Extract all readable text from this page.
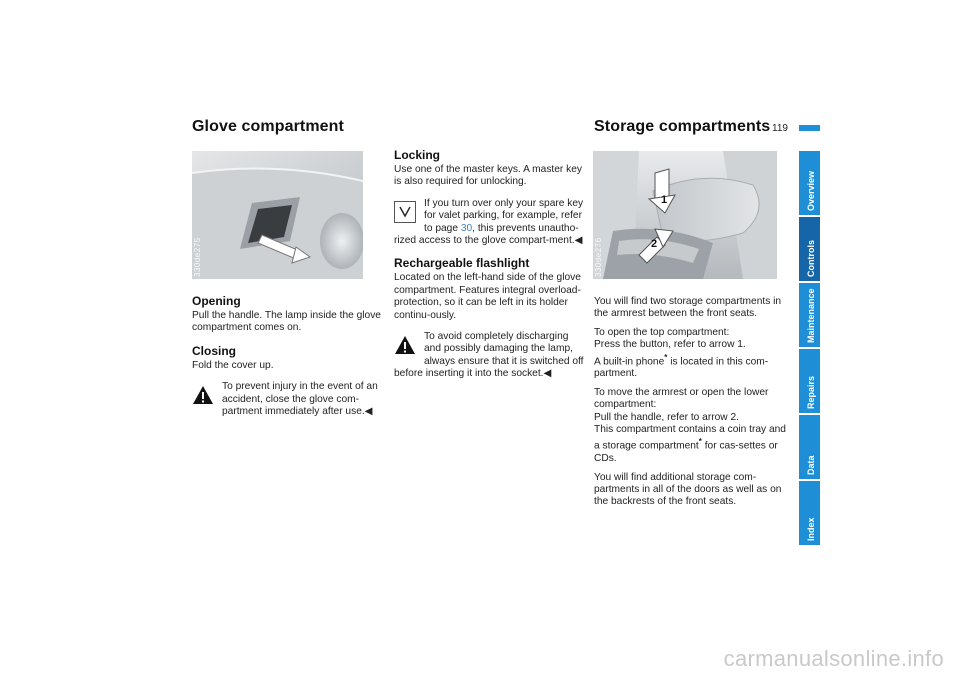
Glove compartment
330de275

Opening

Pull the handle. The lamp inside the glove compartment comes on.

Closing

Fold the cover up.

To prevent injury in the event of an accident, close the glove com-partment immediately after use.◀

Locking

Use one of the master keys. A master key is also required for unlocking.

If you turn over only your spare key for valet parking, for example, refer to page 30, this prevents unautho-rized access to the glove compart-ment.◀

Rechargeable flashlight

Located on the left-hand side of the glove compartment. Features integral overload-protection, so it can be left in its holder continu-ously.

To avoid completely discharging and possibly damaging the lamp, always ensure that it is switched off before inserting it into the socket.◀
Storage compartments 119
1
2
330de276

You will find two storage compartments in the armrest between the front seats.

To open the top compartment:

Press the button, refer to arrow 1.

A built-in phone* is located in this com-partment.

To move the armrest or open the lower compartment:

Pull the handle, refer to arrow 2.

This compartment contains a coin tray and a storage compartment* for cas-settes or CDs.

You will find additional storage com-partments in all of the doors as well as on the backrests of the front seats.

Overview
Controls
Maintenance
Repairs
Data
Index
carmanualsonline.info
